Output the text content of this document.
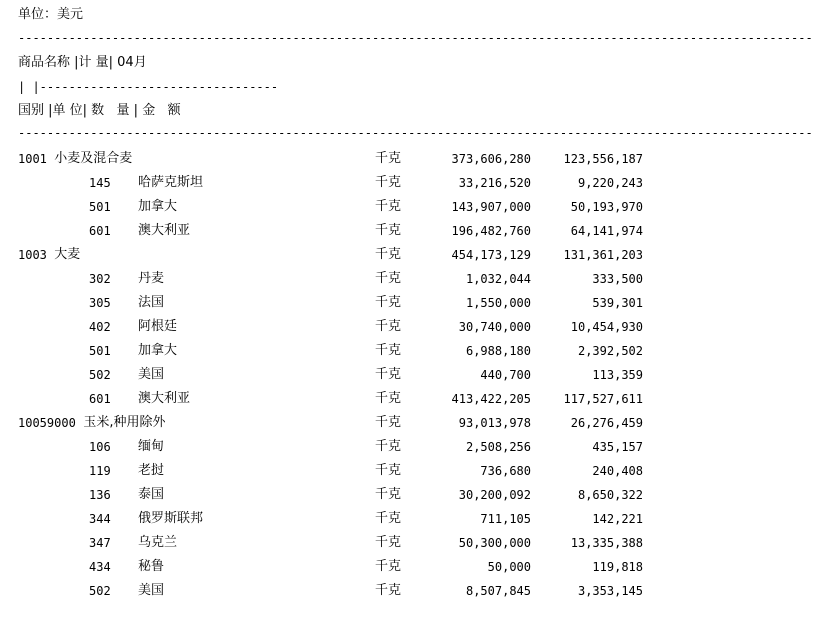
单位：美元
--------------------------------------------------------------------------------------------------------------
商品名称 |计 量| 04月
| |---------------------------------
国别 |单 位| 数   量 | 金   额
--------------------------------------------------------------------------------------------------------------
1001 小麦及混合麦	千克	373,606,280	123,556,187
145 哈萨克斯坦	千克	33,216,520	9,220,243
501 加拿大	千克	143,907,000	50,193,970
601 澳大利亚	千克	196,482,760	64,141,974
1003 大麦	千克	454,173,129	131,361,203
302 丹麦	千克	1,032,044	333,500
305 法国	千克	1,550,000	539,301
402 阿根廷	千克	30,740,000	10,454,930
501 加拿大	千克	6,988,180	2,392,502
502 美国	千克	440,700	113,359
601 澳大利亚	千克	413,422,205	117,527,611
10059000 玉米,种用除外	千克	93,013,978	26,276,459
106 缅甸	千克	2,508,256	435,157
119 老挝	千克	736,680	240,408
136 泰国	千克	30,200,092	8,650,322
344 俄罗斯联邦	千克	711,105	142,221
347 乌克兰	千克	50,300,000	13,335,388
434 秘鲁	千克	50,000	119,818
502 美国	千克	8,507,845	3,353,145
